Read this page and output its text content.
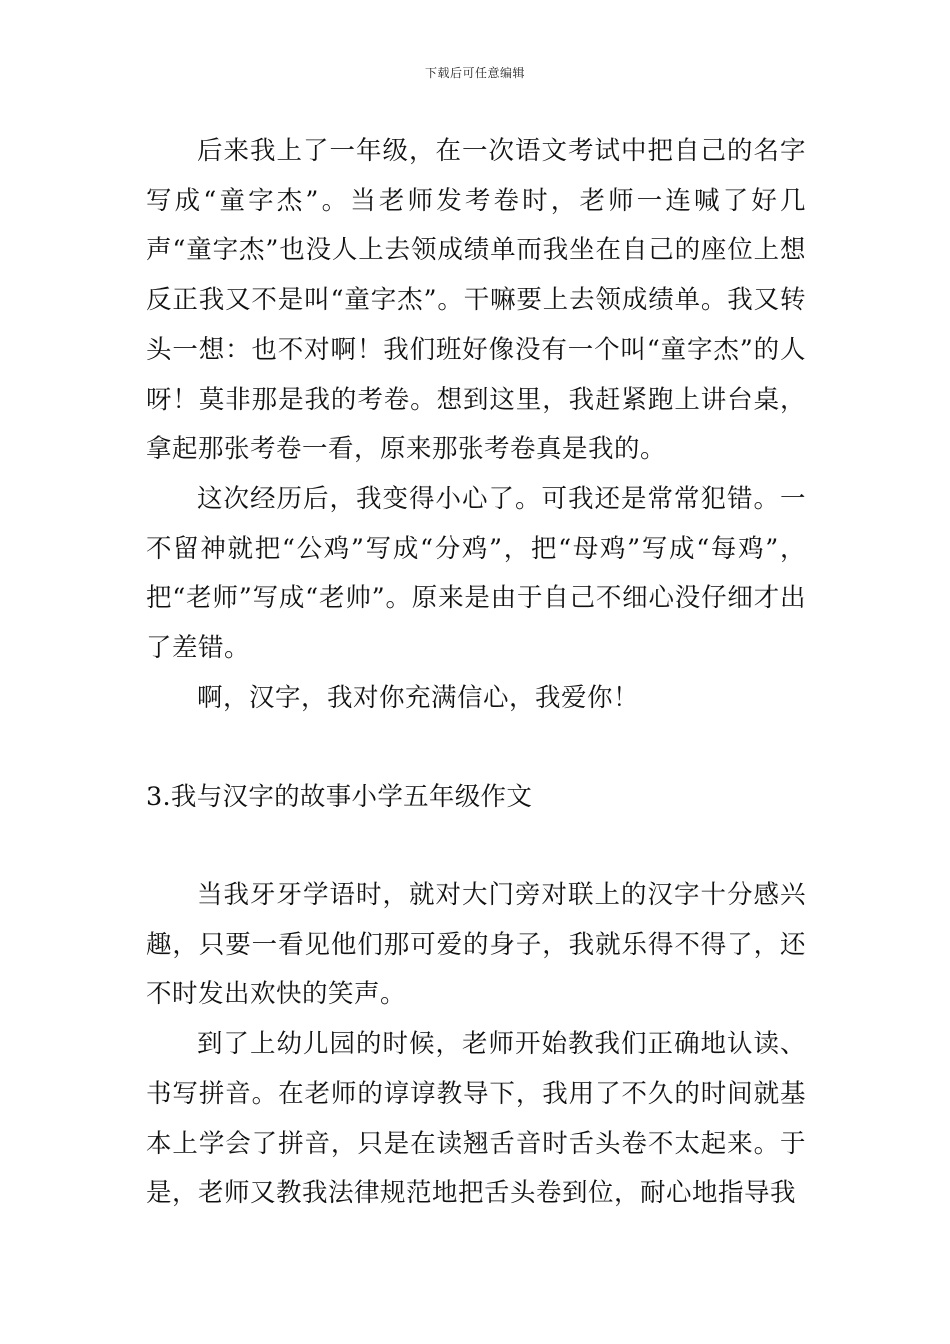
下载后可任意编辑

后来我上了一年级，在一次语文考试中把自己的名字写成“童字杰”。当老师发考卷时，老师一连喊了好几声“童字杰”也没人上去领成绩单而我坐在自己的座位上想反正我又不是叫“童字杰”。干嘛要上去领成绩单。我又转头一想：也不对啊！我们班好像没有一个叫“童字杰”的人呀！莫非那是我的考卷。想到这里，我赶紧跑上讲台桌，拿起那张考卷一看，原来那张考卷真是我的。

这次经历后，我变得小心了。可我还是常常犯错。一不留神就把“公鸡”写成“分鸡”，把“母鸡”写成“每鸡”，把“老师”写成“老帅”。原来是由于自己不细心没仔细才出了差错。

啊，汉字，我对你充满信心，我爱你！

3.我与汉字的故事小学五年级作文

当我牙牙学语时，就对大门旁对联上的汉字十分感兴趣，只要一看见他们那可爱的身子，我就乐得不得了，还不时发出欢快的笑声。

到了上幼儿园的时候，老师开始教我们正确地认读、书写拼音。在老师的谆谆教导下，我用了不久的时间就基本上学会了拼音，只是在读翘舌音时舌头卷不太起来。于是，老师又教我法律规范地把舌头卷到位，耐心地指导我
